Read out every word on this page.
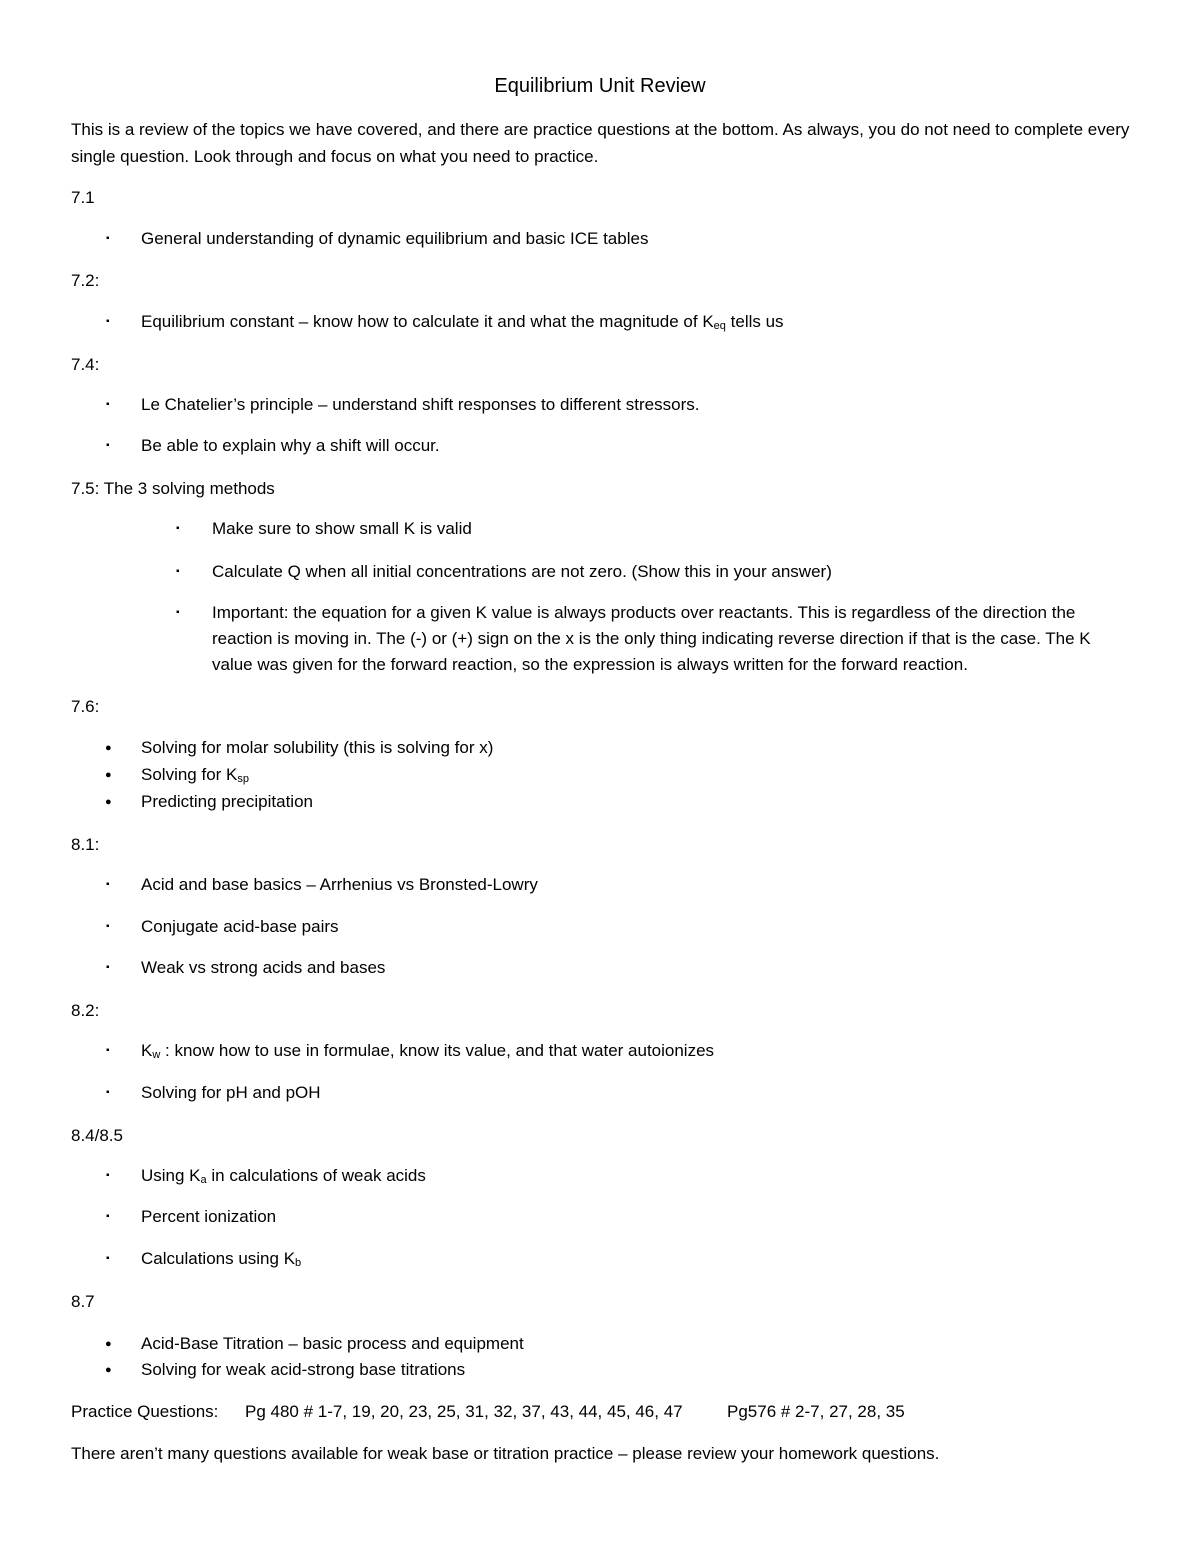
Equilibrium Unit Review
This is a review of the topics we have covered, and there are practice questions at the bottom. As always, you do not need to complete every single question. Look through and focus on what you need to practice.
7.1
▪ General understanding of dynamic equilibrium and basic ICE tables
7.2:
▪ Equilibrium constant – know how to calculate it and what the magnitude of $K_{eq}$ tells us
7.4:
▪ Le Chatelier’s principle – understand shift responses to different stressors.
▪ Be able to explain why a shift will occur.
7.5: The 3 solving methods
▪ Make sure to show small K is valid
▪ Calculate Q when all initial concentrations are not zero. (Show this in your answer)
▪ Important: the equation for a given K value is always products over reactants. This is regardless of the direction the reaction is moving in. The (-) or (+) sign on the x is the only thing indicating reverse direction if that is the case. The K value was given for the forward reaction, so the expression is always written for the forward reaction.
7.6:
● Solving for molar solubility (this is solving for x)
● Solving for $K_{sp}$
● Predicting precipitation
8.1:
▪ Acid and base basics – Arrhenius vs Bronsted-Lowry
▪ Conjugate acid-base pairs
▪ Weak vs strong acids and bases
8.2:
▪ $K_w$ : know how to use in formulae, know its value, and that water autoionizes
▪ Solving for pH and pOH
8.4/8.5
▪ Using $K_a$ in calculations of weak acids
▪ Percent ionization
▪ Calculations using $K_b$
8.7
● Acid-Base Titration – basic process and equipment
● Solving for weak acid-strong base titrations
Practice Questions: Pg 480 # 1-7, 19, 20, 23, 25, 31, 32, 37, 43, 44, 45, 46, 47	Pg576 # 2-7, 27, 28, 35
There aren’t many questions available for weak base or titration practice – please review your homework questions.
